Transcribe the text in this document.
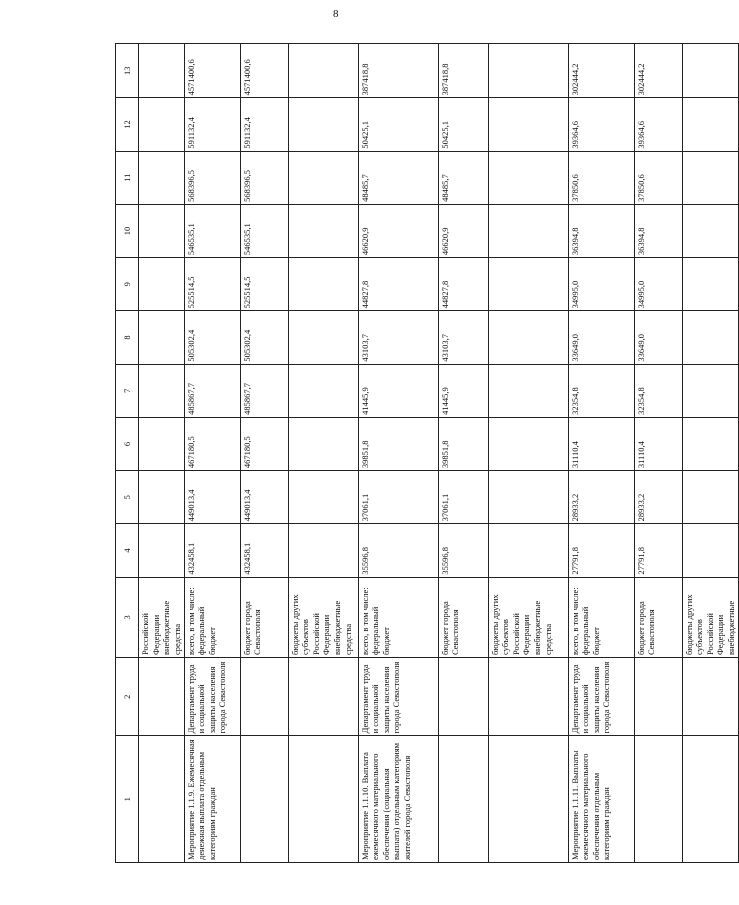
8
1	2	3	4	5	6	7	8	9	10	11	12	13
		Российской Федерации внебюджетные средства										
Мероприятие 1.1.9. Ежемесячная денежная выплата отдельным категориям граждан	Департамент труда и социальной защиты населения города Севастополя	всего, в том числе: федеральный бюджет	432458,1	449013,4	467180,5	485867,7	505302,4	525514,5	546535,1	568396,5	591132,4	4571400,6
		бюджет города Севастополя	432458,1	449013,4	467180,5	485867,7	505302,4	525514,5	546535,1	568396,5	591132,4	4571400,6
		бюджеты других субъектов Российской Федерации внебюджетные средства										
Мероприятие 1.1.10. Выплата ежемесячного материального обеспечения (социальная выплата) отдельным категориям жителей города Севастополя	Департамент труда и социальной защиты населения города Севастополя	всего, в том числе: федеральный бюджет	35596,8	37061,1	39851,8	41445,9	43103,7	44827,8	46620,9	48485,7	50425,1	387418,8
		бюджет города Севастополя	35596,8	37061,1	39851,8	41445,9	43103,7	44827,8	46620,9	48485,7	50425,1	387418,8
		бюджеты других субъектов Российской Федерации внебюджетные средства										
Мероприятие 1.1.11. Выплаты ежемесячного материального обеспечения отдельным категориям граждан	Департамент труда и социальной защиты населения города Севастополя	всего, в том числе: федеральный бюджет	27791,8	28933,2	31110,4	32354,8	33649,0	34995,0	36394,8	37850,6	39364,6	302444,2
		бюджет города Севастополя	27791,8	28933,2	31110,4	32354,8	33649,0	34995,0	36394,8	37850,6	39364,6	302444,2
		бюджеты других субъектов Российской Федерации внебюджетные										
